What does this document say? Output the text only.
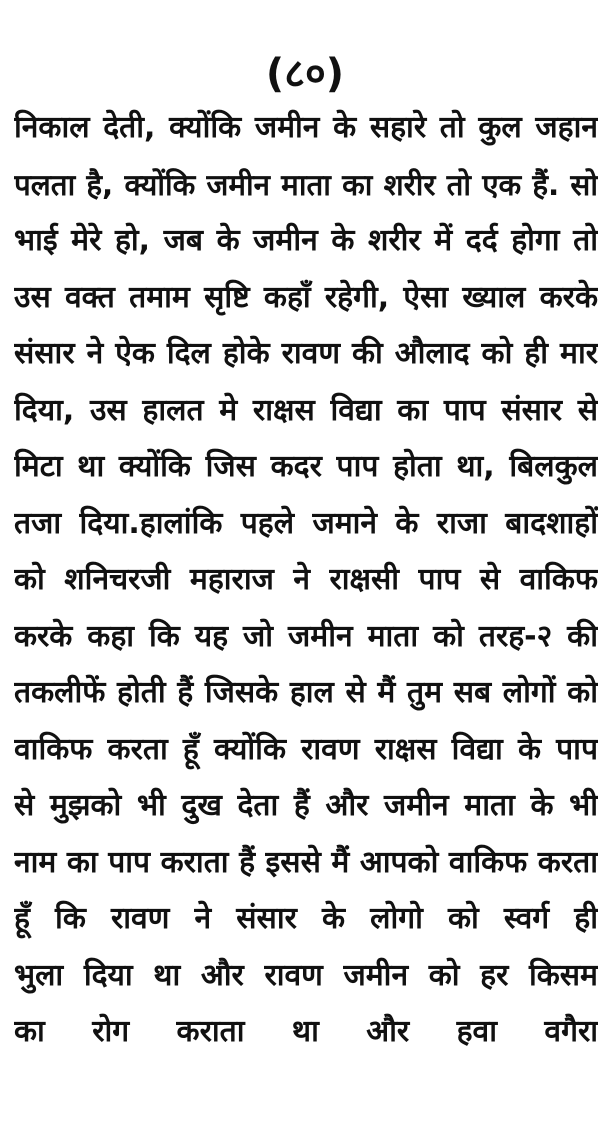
(८०)
निकाल देती, क्योंकि जमीन के सहारे तो कुल जहान
पलता है, क्योंकि जमीन माता का शरीर तो एक हैं. सो
भाई मेरे हो, जब के जमीन के शरीर में दर्द होगा तो
उस वक्त तमाम सृष्टि कहाँ रहेगी, ऐसा ख्याल करके
संसार ने ऐक दिल होके रावण की औलाद को ही मार
दिया, उस हालत मे राक्षस विद्या का पाप संसार से
मिटा था क्योंकि जिस कदर पाप होता था, बिलकुल
तजा दिया.हालांकि पहले जमाने के राजा बादशाहों
को शनिचरजी महाराज ने राक्षसी पाप से वाकिफ
करके कहा कि यह जो जमीन माता को तरह-२ की
तकलीफें होती हैं जिसके हाल से मैं तुम सब लोगों को
वाकिफ करता हूँ क्योंकि रावण राक्षस विद्या के पाप
से मुझको भी दुख देता हैं और जमीन माता के भी
नाम का पाप कराता हैं इससे मैं आपको वाकिफ करता
हूँ कि रावण ने संसार के लोगो को स्वर्ग ही
भुला दिया था और रावण जमीन को हर किसम
का रोग कराता था और हवा वगैरा
